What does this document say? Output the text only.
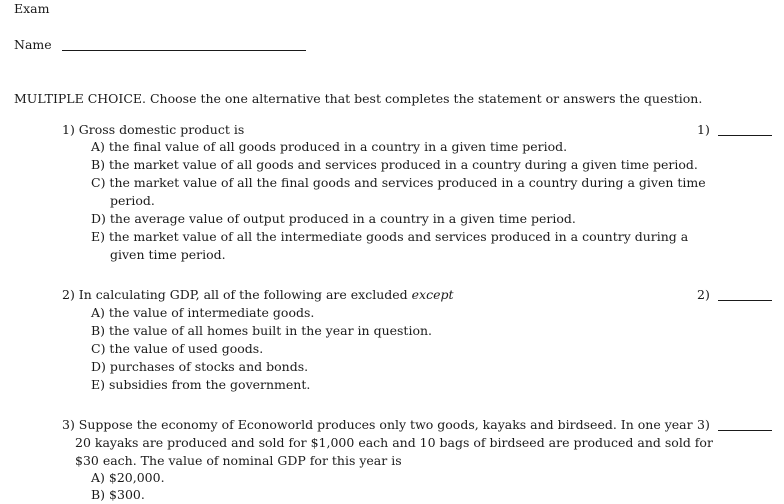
Exam
Name
MULTIPLE CHOICE. Choose the one alternative that best completes the statement or answers the question.
1) Gross domestic product is	1)
A) the final value of all goods produced in a country in a given time period.
B) the market value of all goods and services produced in a country during a given time period.
C) the market value of all the final goods and services produced in a country during a given time
period.
D) the average value of output produced in a country in a given time period.
E) the market value of all the intermediate goods and services produced in a country during a
given time period.
2) In calculating GDP, all of the following are excluded except	2)
A) the value of intermediate goods.
B) the value of all homes built in the year in question.
C) the value of used goods.
D) purchases of stocks and bonds.
E) subsidies from the government.
3) Suppose the economy of Econoworld produces only two goods, kayaks and birdseed. In one year
20 kayaks are produced and sold for $1,000 each and 10 bags of birdseed are produced and sold for
$30 each. The value of nominal GDP for this year is
3)
A) $20,000.
B) $300.
